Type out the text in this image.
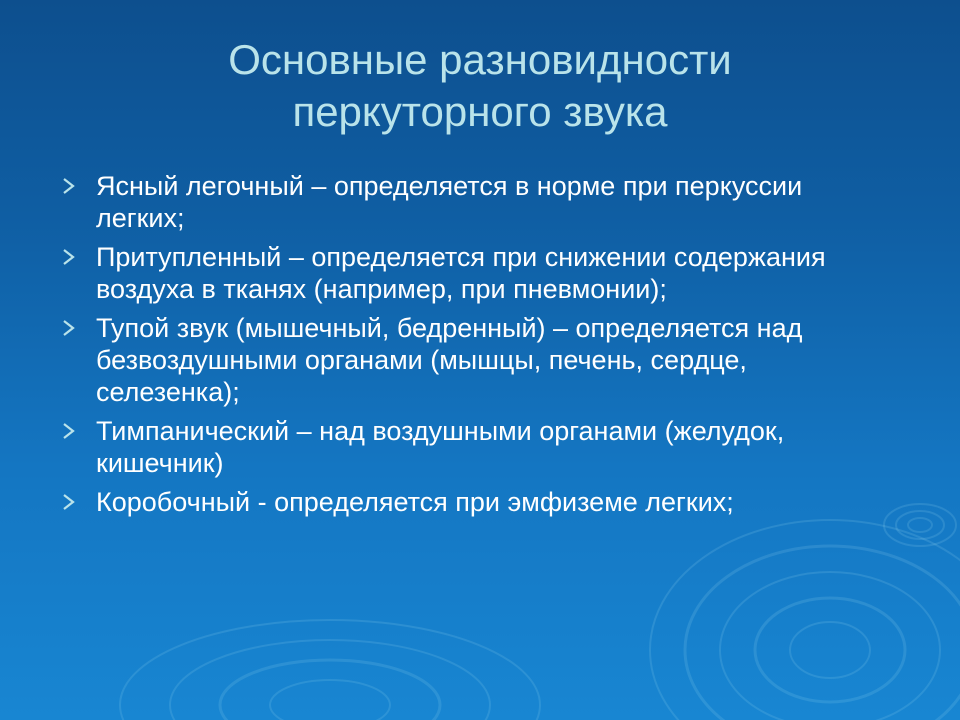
Основные разновидности
перкуторного звука
Ясный легочный – определяется в норме при перкуссии легких;
Притупленный – определяется при снижении содержания воздуха в тканях (например, при пневмонии);
Тупой звук (мышечный, бедренный) – определяется над безвоздушными органами (мышцы, печень, сердце, селезенка);
Тимпанический – над воздушными органами (желудок, кишечник)
Коробочный - определяется при эмфиземе легких;
